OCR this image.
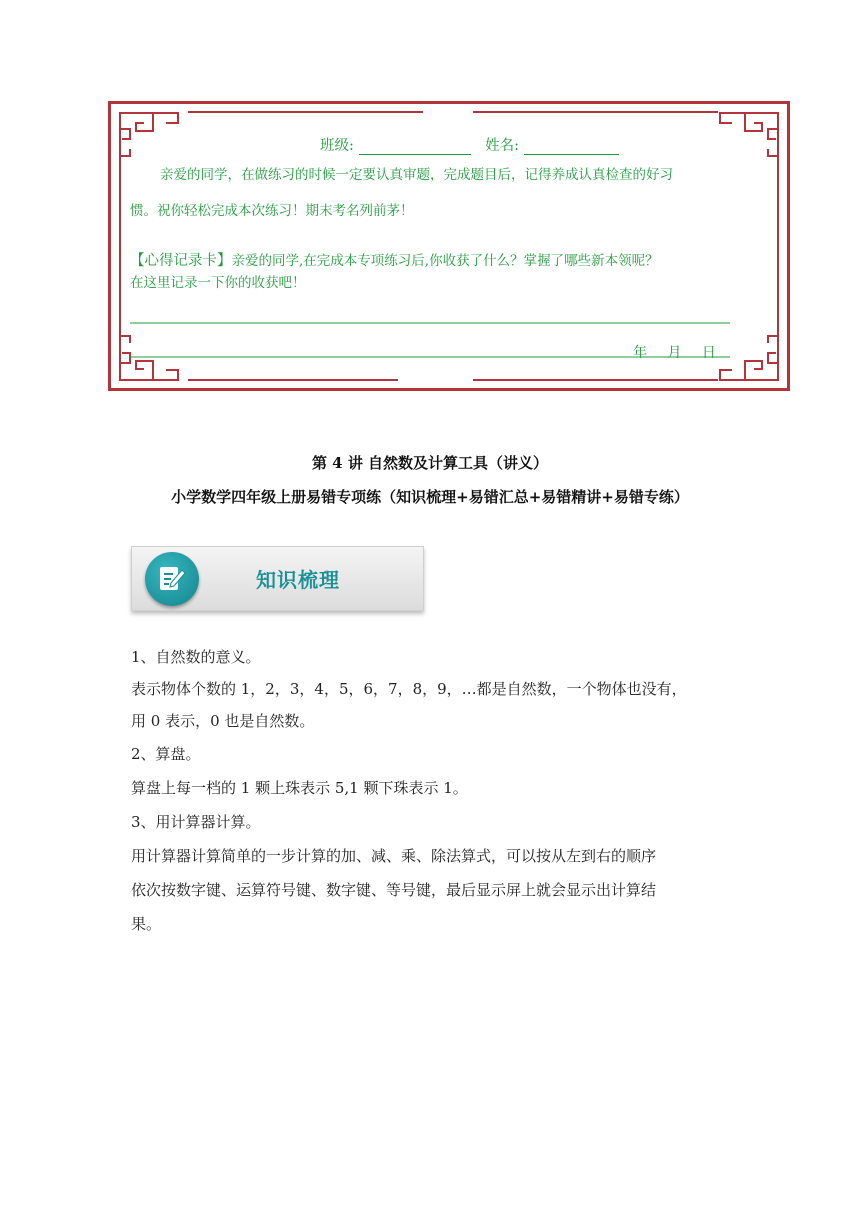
班级:	姓名:
亲爱的同学，在做练习的时候一定要认真审题，完成题目后，记得养成认真检查的好习
惯。祝你轻松完成本次练习！期末考名列前茅！
【心得记录卡】亲爱的同学,在完成本专项练习后,你收获了什么？掌握了哪些新本领呢？
在这里记录一下你的收获吧！
年 月 日
第 4 讲 自然数及计算工具（讲义）
小学数学四年级上册易错专项练（知识梳理+易错汇总+易错精讲+易错专练）
知识梳理
1、自然数的意义。
表示物体个数的 1，2，3，4，5，6，7，8，9，…都是自然数，一个物体也没有，
用 0 表示，0 也是自然数。
2、算盘。
算盘上每一档的 1 颗上珠表示 5,1 颗下珠表示 1。
3、用计算器计算。
用计算器计算简单的一步计算的加、减、乘、除法算式，可以按从左到右的顺序
依次按数字键、运算符号键、数字键、等号键，最后显示屏上就会显示出计算结
果。
